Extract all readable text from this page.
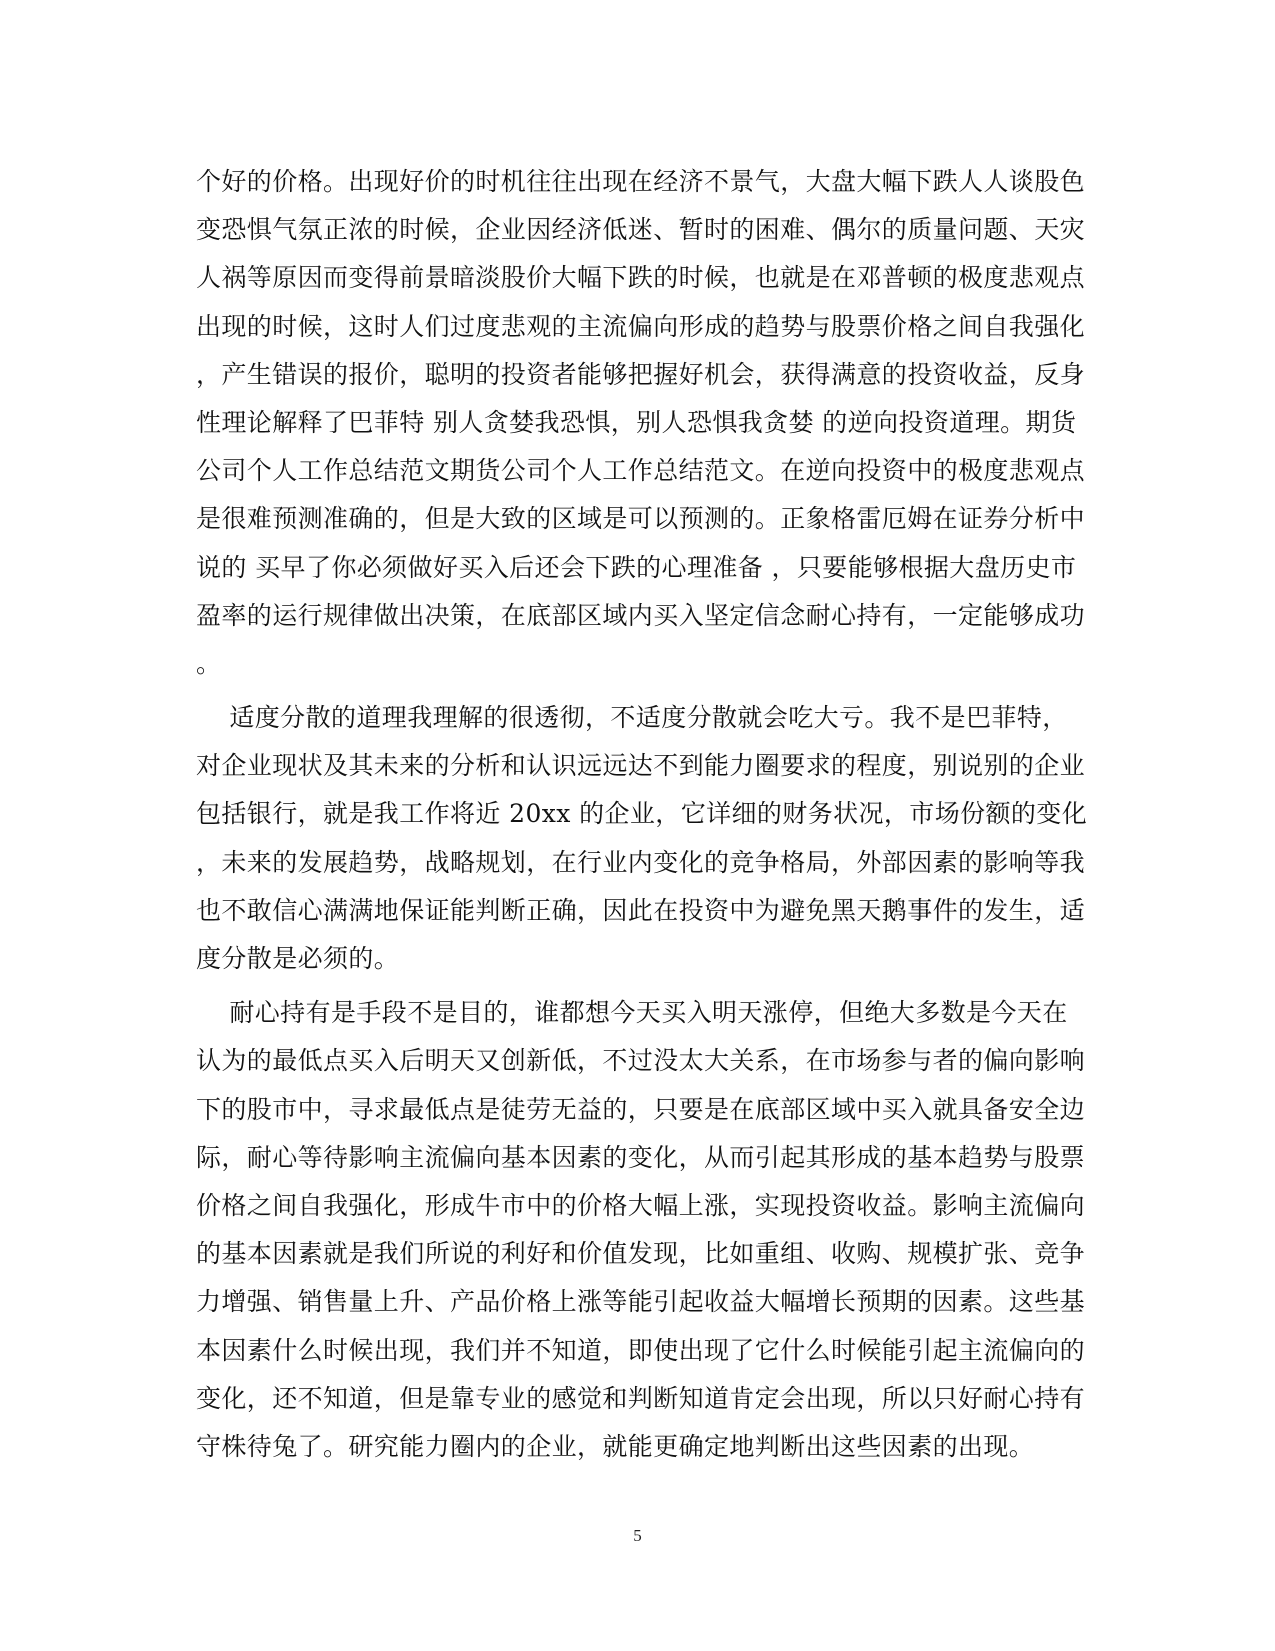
个好的价格。出现好价的时机往往出现在经济不景气，大盘大幅下跌人人谈股色
变恐惧气氛正浓的时候，企业因经济低迷、暂时的困难、偶尔的质量问题、天灾
人祸等原因而变得前景暗淡股价大幅下跌的时候，也就是在邓普顿的极度悲观点
出现的时候，这时人们过度悲观的主流偏向形成的趋势与股票价格之间自我强化
，产生错误的报价，聪明的投资者能够把握好机会，获得满意的投资收益，反身
性理论解释了巴菲特 别人贪婪我恐惧，别人恐惧我贪婪 的逆向投资道理。期货
公司个人工作总结范文期货公司个人工作总结范文。在逆向投资中的极度悲观点
是很难预测准确的，但是大致的区域是可以预测的。正象格雷厄姆在证券分析中
说的 买早了你必须做好买入后还会下跌的心理准备 ，只要能够根据大盘历史市
盈率的运行规律做出决策，在底部区域内买入坚定信念耐心持有，一定能够成功
。
适度分散的道理我理解的很透彻，不适度分散就会吃大亏。我不是巴菲特，
对企业现状及其未来的分析和认识远远达不到能力圈要求的程度，别说别的企业
包括银行，就是我工作将近 20xx 的企业，它详细的财务状况，市场份额的变化
，未来的发展趋势，战略规划，在行业内变化的竞争格局，外部因素的影响等我
也不敢信心满满地保证能判断正确，因此在投资中为避免黑天鹅事件的发生，适
度分散是必须的。
耐心持有是手段不是目的，谁都想今天买入明天涨停，但绝大多数是今天在
认为的最低点买入后明天又创新低，不过没太大关系，在市场参与者的偏向影响
下的股市中，寻求最低点是徒劳无益的，只要是在底部区域中买入就具备安全边
际，耐心等待影响主流偏向基本因素的变化，从而引起其形成的基本趋势与股票
价格之间自我强化，形成牛市中的价格大幅上涨，实现投资收益。影响主流偏向
的基本因素就是我们所说的利好和价值发现，比如重组、收购、规模扩张、竞争
力增强、销售量上升、产品价格上涨等能引起收益大幅增长预期的因素。这些基
本因素什么时候出现，我们并不知道，即使出现了它什么时候能引起主流偏向的
变化，还不知道，但是靠专业的感觉和判断知道肯定会出现，所以只好耐心持有
守株待兔了。研究能力圈内的企业，就能更确定地判断出这些因素的出现。
5
